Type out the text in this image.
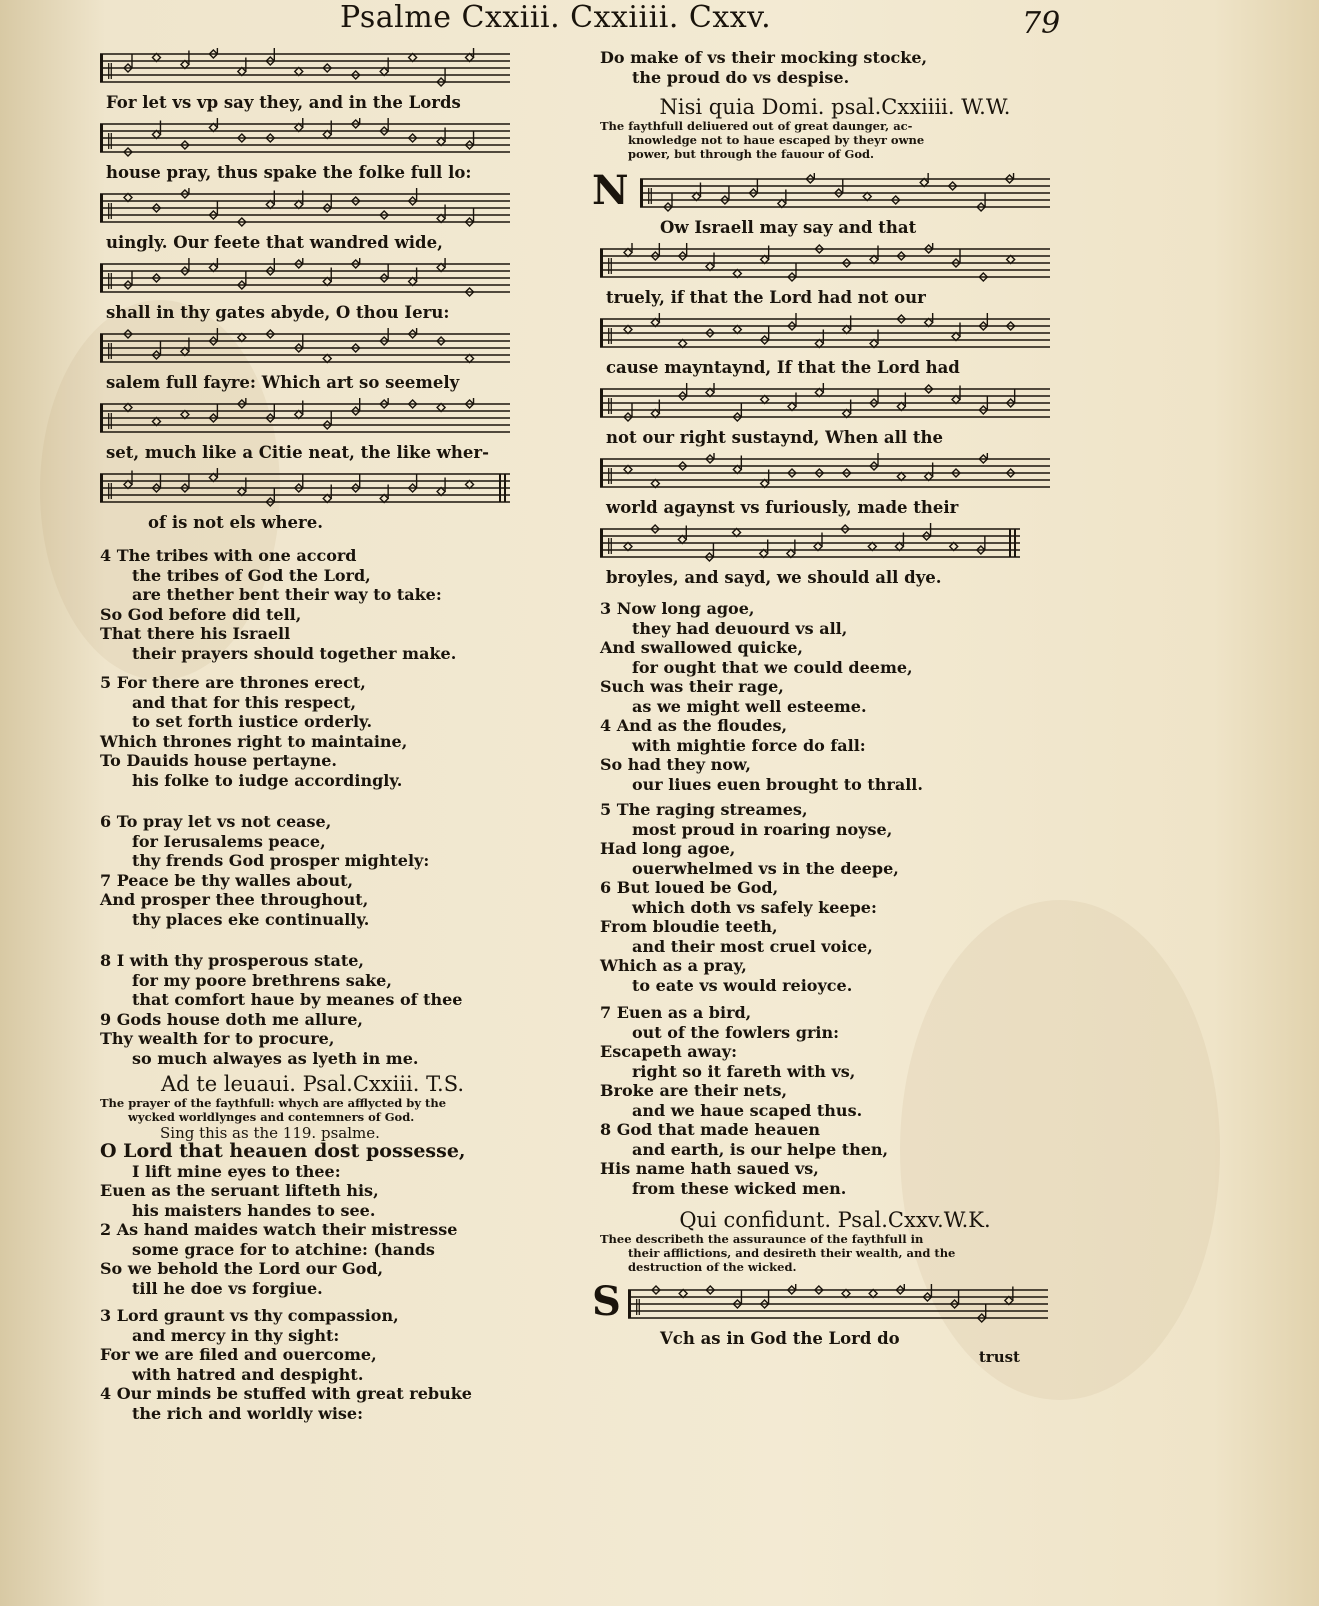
Psalme Cxxiii. Cxxiiii. Cxxv.	79
‖
For let vs vp say they, and in the Lords
‖
house pray, thus spake the folke full lo:
‖
uingly. Our feete that wandred wide,
‖
shall in thy gates abyde, O thou Ieru:
‖
salem full fayre: Which art so seemely
‖
set, much like a Citie neat, the like wher-
‖
of is not els where.
4 The tribes with one accord
the tribes of God the Lord,
are thether bent their way to take:
So God before did tell,
That there his Israell
their prayers should together make.
5 For there are thrones erect,
and that for this respect,
to set forth iustice orderly.
Which thrones right to maintaine,
To Dauids house pertayne.
his folke to iudge accordingly.
6 To pray let vs not cease,
for Ierusalems peace,
thy frends God prosper mightely:
7 Peace be thy walles about,
And prosper thee throughout,
thy places eke continually.
8 I with thy prosperous state,
for my poore brethrens sake,
that comfort haue by meanes of thee
9 Gods house doth me allure,
Thy wealth for to procure,
so much alwayes as lyeth in me.
Ad te leuaui. Psal.Cxxiii. T.S.
The prayer of the faythfull: whych are afflycted by the
wycked worldlynges and contemners of God.
Sing this as the 119. psalme.
O Lord that heauen dost possesse,
I lift mine eyes to thee:
Euen as the seruant lifteth his,
his maisters handes to see.
2 As hand maides watch their mistresse
some grace for to atchine: (hands
So we behold the Lord our God,
till he doe vs forgiue.
3 Lord graunt vs thy compassion,
and mercy in thy sight:
For we are filed and ouercome,
with hatred and despight.
4 Our minds be stuffed with great rebuke
the rich and worldly wise:
Do make of vs their mocking stocke,
the proud do vs despise.
Nisi quia Domi. psal.Cxxiiii. W.W.
The faythfull deliuered out of great daunger, ac-
knowledge not to haue escaped by theyr owne
power, but through the fauour of God.
N ‖
Ow Israell may say and that
‖
truely, if that the Lord had not our
‖
cause mayntaynd, If that the Lord had
‖
not our right sustaynd, When all the
‖
world agaynst vs furiously, made their
‖
broyles, and sayd, we should all dye.
3 Now long agoe,
they had deuourd vs all,
And swallowed quicke,
for ought that we could deeme,
Such was their rage,
as we might well esteeme.
4 And as the floudes,
with mightie force do fall:
So had they now,
our liues euen brought to thrall.
5 The raging streames,
most proud in roaring noyse,
Had long agoe,
ouerwhelmed vs in the deepe,
6 But loued be God,
which doth vs safely keepe:
From bloudie teeth,
and their most cruel voice,
Which as a pray,
to eate vs would reioyce.
7 Euen as a bird,
out of the fowlers grin:
Escapeth away:
right so it fareth with vs,
Broke are their nets,
and we haue scaped thus.
8 God that made heauen
and earth, is our helpe then,
His name hath saued vs,
from these wicked men.
Qui confidunt. Psal.Cxxv.W.K.
Thee describeth the assuraunce of the faythfull in
their afflictions, and desireth their wealth, and the
destruction of the wicked.
S ‖
Vch as in God the Lord do
trust
